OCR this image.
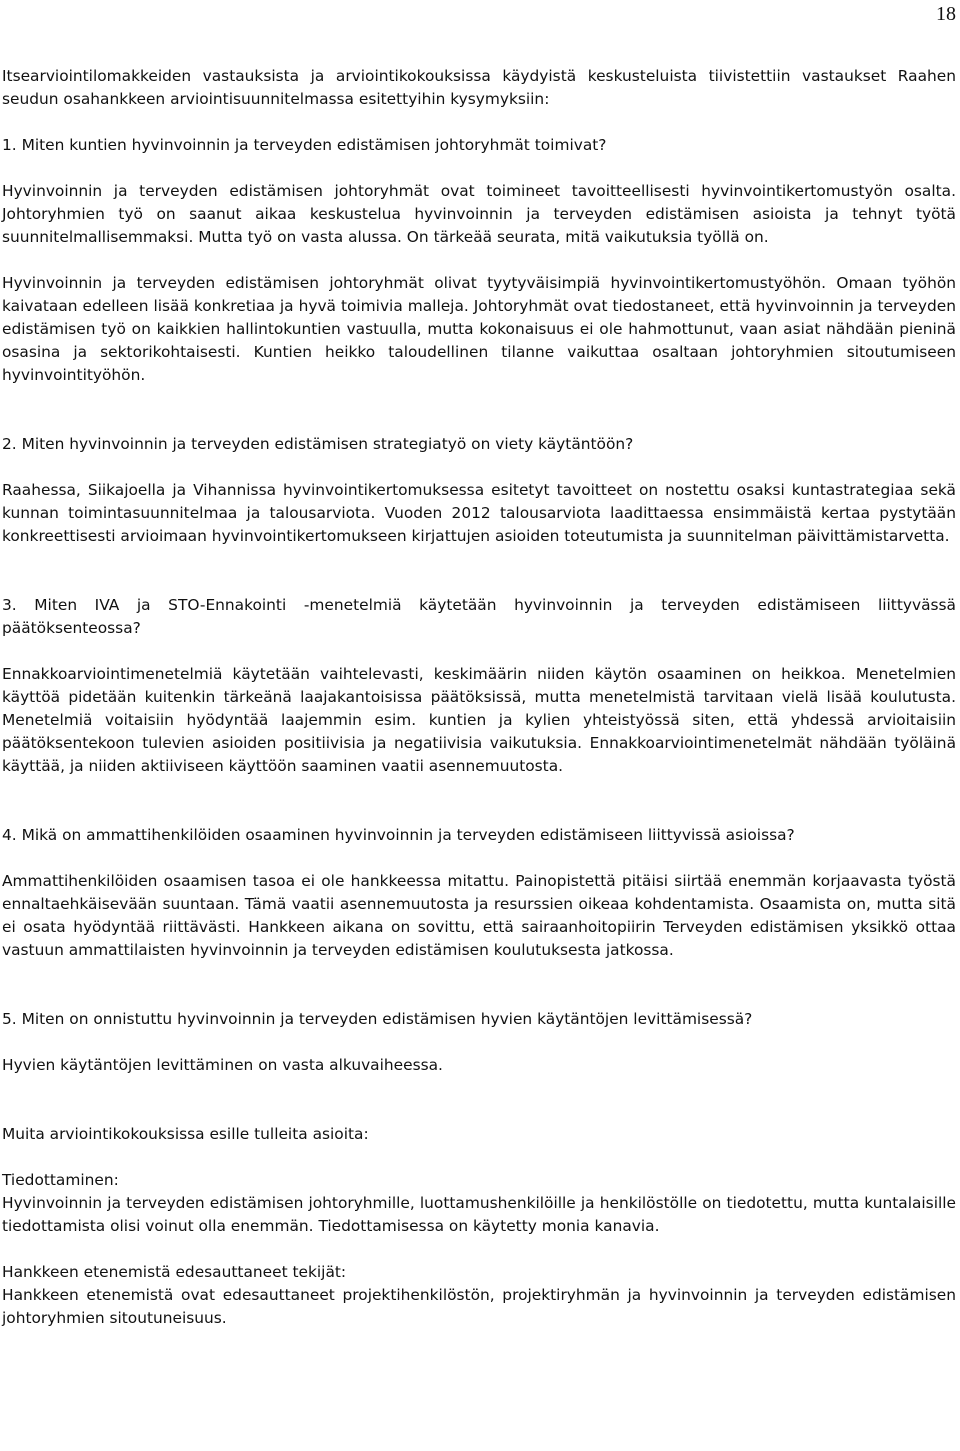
18

Itsearviointilomakkeiden vastauksista ja arviointikokouksissa käydyistä keskusteluista tiivistettiin vastaukset Raahen seudun osahankkeen arviointisuunnitelmassa esitettyihin kysymyksiin:

1. Miten kuntien hyvinvoinnin ja terveyden edistämisen johtoryhmät toimivat?

Hyvinvoinnin ja terveyden edistämisen johtoryhmät ovat toimineet tavoitteellisesti hyvinvointikertomustyön osalta. Johtoryhmien työ on saanut aikaa keskustelua hyvinvoinnin ja terveyden edistämisen asioista ja tehnyt työtä suunnitelmallisemmaksi. Mutta työ on vasta alussa. On tärkeää seurata, mitä vaikutuksia työllä on.

Hyvinvoinnin ja terveyden edistämisen johtoryhmät olivat tyytyväisimpiä hyvinvointikertomustyöhön. Omaan työhön kaivataan edelleen lisää konkretiaa ja hyvä toimivia malleja. Johtoryhmät ovat tiedostaneet, että hyvinvoinnin ja terveyden edistämisen työ on kaikkien hallintokuntien vastuulla, mutta kokonaisuus ei ole hahmottunut, vaan asiat nähdään pieninä osasina ja sektorikohtaisesti. Kuntien heikko taloudellinen tilanne vaikuttaa osaltaan johtoryhmien sitoutumiseen hyvinvointityöhön.

2. Miten hyvinvoinnin ja terveyden edistämisen strategiatyö on viety käytäntöön?

Raahessa, Siikajoella ja Vihannissa hyvinvointikertomuksessa esitetyt tavoitteet on nostettu osaksi kuntastrategiaa sekä kunnan toimintasuunnitelmaa ja talousarviota. Vuoden 2012 talousarviota laadittaessa ensimmäistä kertaa pystytään konkreettisesti arvioimaan hyvinvointikertomukseen kirjattujen asioiden toteutumista ja suunnitelman päivittämistarvetta.

3. Miten IVA ja STO-Ennakointi -menetelmiä käytetään hyvinvoinnin ja terveyden edistämiseen liittyvässä päätöksenteossa?

Ennakkoarviointimenetelmiä käytetään vaihtelevasti, keskimäärin niiden käytön osaaminen on heikkoa. Menetelmien käyttöä pidetään kuitenkin tärkeänä laajakantoisissa päätöksissä, mutta menetelmistä tarvitaan vielä lisää koulutusta. Menetelmiä voitaisiin hyödyntää laajemmin esim. kuntien ja kylien yhteistyössä siten, että yhdessä arvioitaisiin päätöksentekoon tulevien asioiden positiivisia ja negatiivisia vaikutuksia. Ennakkoarviointimenetelmät nähdään työläinä käyttää, ja niiden aktiiviseen käyttöön saaminen vaatii asennemuutosta.

4. Mikä on ammattihenkilöiden osaaminen hyvinvoinnin ja terveyden edistämiseen liittyvissä asioissa?

Ammattihenkilöiden osaamisen tasoa ei ole hankkeessa mitattu. Painopistettä pitäisi siirtää enemmän korjaavasta työstä ennaltaehkäisevään suuntaan. Tämä vaatii asennemuutosta ja resurssien oikeaa kohdentamista. Osaamista on, mutta sitä ei osata hyödyntää riittävästi. Hankkeen aikana on sovittu, että sairaanhoitopiirin Terveyden edistämisen yksikkö ottaa vastuun ammattilaisten hyvinvoinnin ja terveyden edistämisen koulutuksesta jatkossa.

5. Miten on onnistuttu hyvinvoinnin ja terveyden edistämisen hyvien käytäntöjen levittämisessä?

Hyvien käytäntöjen levittäminen on vasta alkuvaiheessa.

Muita arviointikokouksissa esille tulleita asioita:

Tiedottaminen:

Hyvinvoinnin ja terveyden edistämisen johtoryhmille, luottamushenkilöille ja henkilöstölle on tiedotettu, mutta kuntalaisille tiedottamista olisi voinut olla enemmän. Tiedottamisessa on käytetty monia kanavia.

Hankkeen etenemistä edesauttaneet tekijät:

Hankkeen etenemistä ovat edesauttaneet projektihenkilöstön, projektiryhmän ja hyvinvoinnin ja terveyden edistämisen johtoryhmien sitoutuneisuus.
